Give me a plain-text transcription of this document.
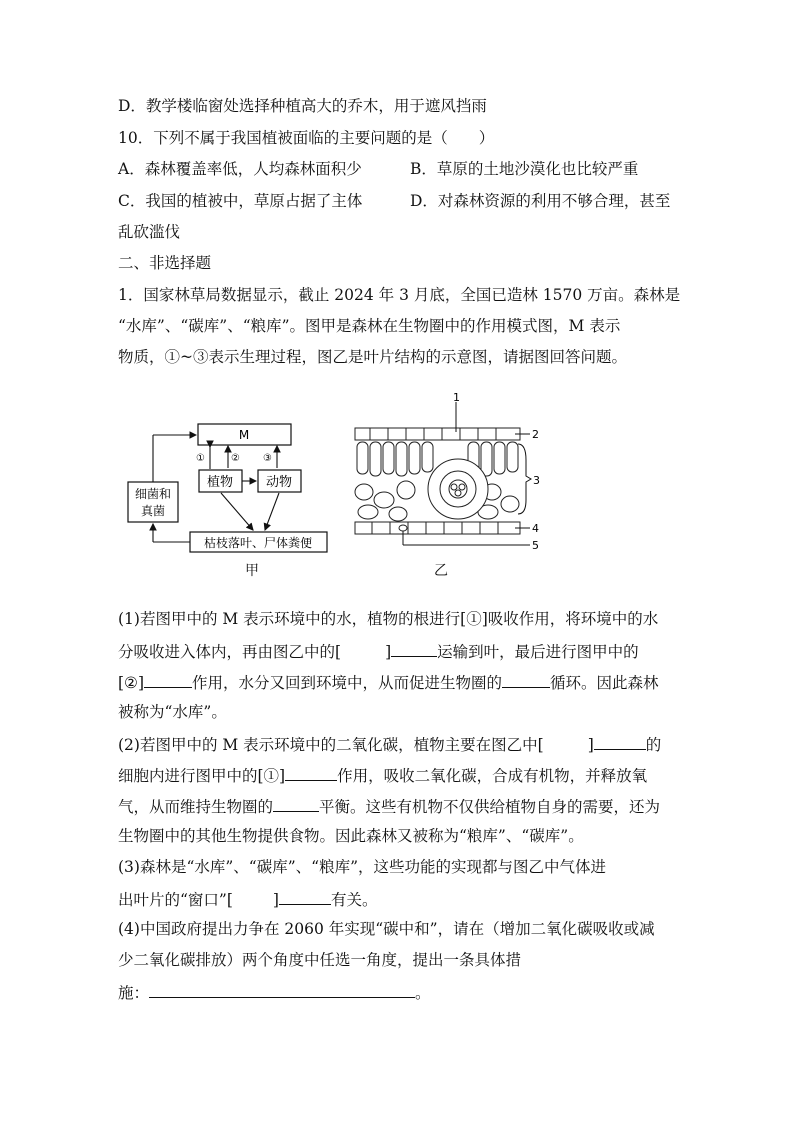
D．教学楼临窗处选择种植高大的乔木，用于遮风挡雨
10．下列不属于我国植被面临的主要问题的是（　　）
A．森林覆盖率低，人均森林面积少	B．草原的土地沙漠化也比较严重
C．我国的植被中，草原占据了主体	D．对森林资源的利用不够合理，甚至
乱砍滥伐
二、非选择题
1．国家林草局数据显示，截止 2024 年 3 月底，全国已造林 1570 万亩。森林是
“水库”、“碳库”、“粮库”。图甲是森林在生物圈中的作用模式图，M 表示
物质，①~③表示生理过程，图乙是叶片结构的示意图，请据图回答问题。
M
植物	动物
细菌和
真菌
枯枝落叶、尸体粪便
①	② ③
甲
1
2
3
4
5
乙
(1)若图甲中的 M 表示环境中的水，植物的根进行[①]吸收作用，将环境中的水
分吸收进入体内，再由图乙中的[	]	运输到叶，最后进行图甲中的
[②]	作用，水分又回到环境中，从而促进生物圈的	循环。因此森林
被称为“水库”。
(2)若图甲中的 M 表示环境中的二氧化碳，植物主要在图乙中[	]	的
细胞内进行图甲中的[①]	作用，吸收二氧化碳，合成有机物，并释放氧
气，从而维持生物圈的	平衡。这些有机物不仅供给植物自身的需要，还为
生物圈中的其他生物提供食物。因此森林又被称为“粮库”、“碳库”。
(3)森林是“水库”、“碳库”、“粮库”，这些功能的实现都与图乙中气体进
出叶片的“窗口”[	]	有关。
(4)中国政府提出力争在 2060 年实现“碳中和”，请在（增加二氧化碳吸收或减
少二氧化碳排放）两个角度中任选一角度，提出一条具体措
施：	。
